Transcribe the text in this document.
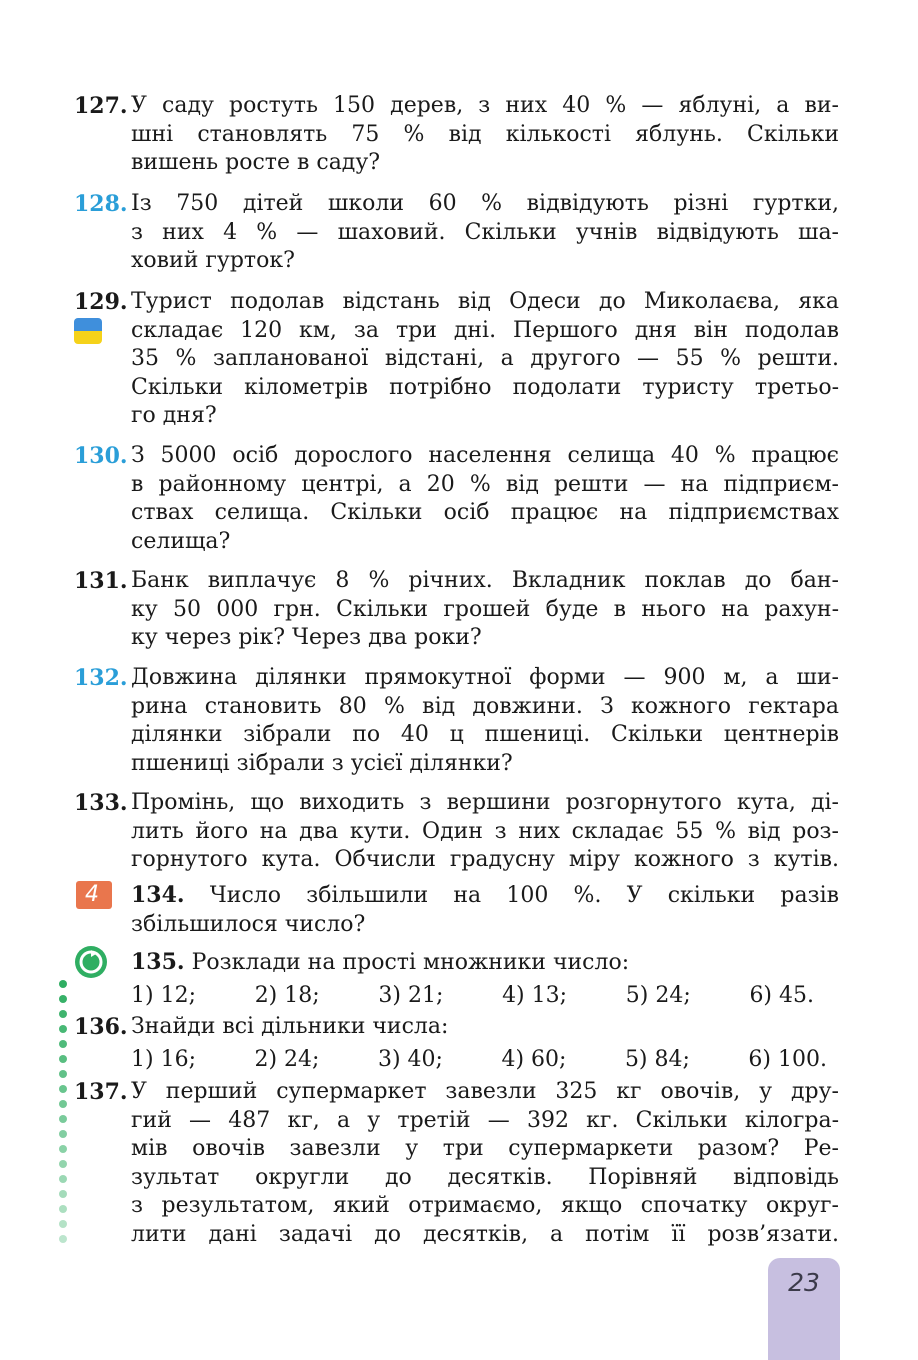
127. У саду ростуть 150 дерев, з них 40 % — яблуні, а ви-
шні становлять 75 % від кількості яблунь. Скільки
вишень росте в саду?
128. Із 750 дітей школи 60 % відвідують різні гуртки,
з них 4 % — шаховий. Скільки учнів відвідують ша-
ховий гурток?
129. Турист подолав відстань від Одеси до Миколаєва, яка
складає 120 км, за три дні. Першого дня він подолав
35 % запланованої відстані, а другого — 55 % решти.
Скільки кілометрів потрібно подолати туристу третьо-
го дня?
130. З 5000 осіб дорослого населення селища 40 % працює
в районному центрі, а 20 % від решти — на підприєм-
ствах селища. Скільки осіб працює на підприємствах
селища?
131. Банк виплачує 8 % річних. Вкладник поклав до бан-
ку 50 000 грн. Скільки грошей буде в нього на рахун-
ку через рік? Через два роки?
132. Довжина ділянки прямокутної форми — 900 м, а ши-
рина становить 80 % від довжини. З кожного гектара
ділянки зібрали по 40 ц пшениці. Скільки центнерів
пшениці зібрали з усієї ділянки?
133. Промінь, що виходить з вершини розгорнутого кута, ді-
лить його на два кути. Один з них складає 55 % від роз-
горнутого кута. Обчисли градусну міру кожного з кутів.
4 134. Число збільшили на 100 %. У скільки разів
збільшилося число?
135. Розклади на прості множники число:
1) 12;	2) 18;	3) 21;	4) 13;	5) 24;	6) 45.
136. Знайди всі дільники числа:
1) 16;	2) 24;	3) 40;	4) 60;	5) 84;	6) 100.
137. У перший супермаркет завезли 325 кг овочів, у дру-
гий — 487 кг, а у третій — 392 кг. Скільки кілогра-
мів овочів завезли у три супермаркети разом? Ре-
зультат округли до десятків. Порівняй відповідь
з результатом, який отримаємо, якщо спочатку округ-
лити дані задачі до десятків, а потім її розв’язати.
23
